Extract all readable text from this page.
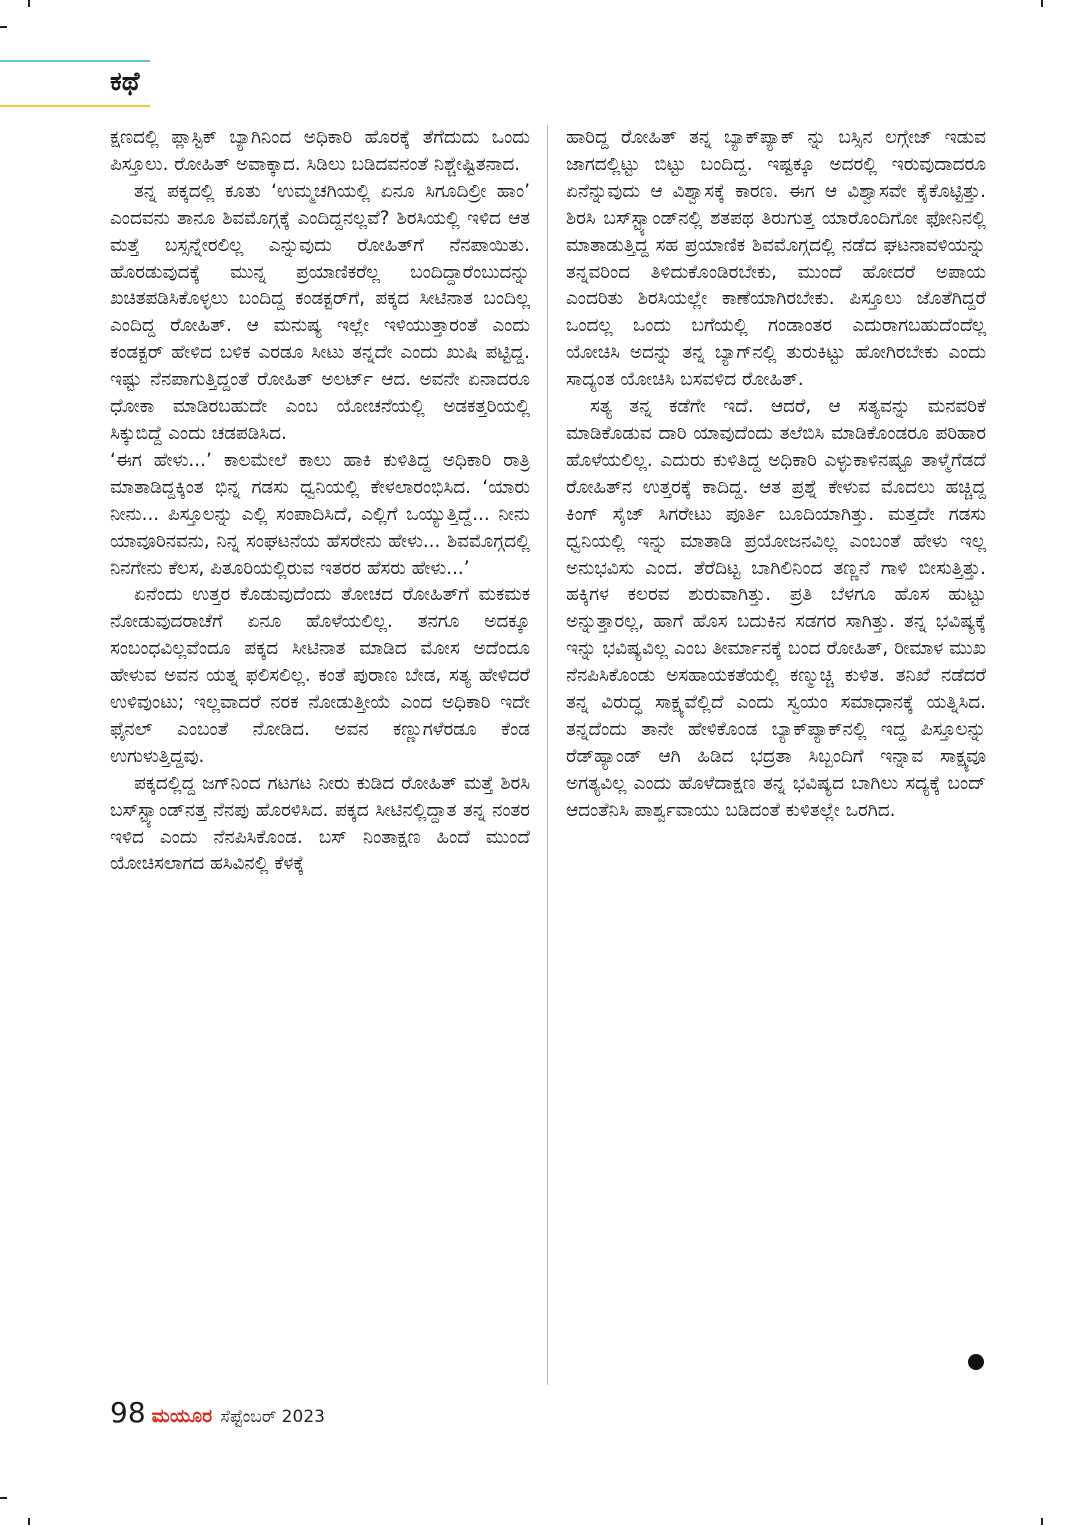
ಕಥೆ

ಕ್ಷಣದಲ್ಲಿ ಪ್ಲಾಸ್ಟಿಕ್ ಬ್ಯಾಗಿನಿಂದ ಅಧಿಕಾರಿ ಹೊರಕ್ಕೆ ತೆಗೆದುದು ಒಂದು ಪಿಸ್ತೂಲು. ರೋಹಿತ್ ಅವಾಕ್ಕಾದ. ಸಿಡಿಲು ಬಡಿದವನಂತೆ ನಿಶ್ಚೇಷ್ಟಿತನಾದ.

ತನ್ನ ಪಕ್ಕದಲ್ಲಿ ಕೂತು ‘ಉಮ್ಮಚಗಿಯಲ್ಲಿ ಏನೂ ಸಿಗೂದಿಲ್ರೀ ಹಾಂ’ ಎಂದವನು ತಾನೂ ಶಿವಮೊಗ್ಗಕ್ಕೆ ಎಂದಿದ್ದನಲ್ಲವೆ? ಶಿರಸಿಯಲ್ಲಿ ಇಳಿದ ಆತ ಮತ್ತೆ ಬಸ್ಸನ್ನೇರಲಿಲ್ಲ ಎನ್ನುವುದು ರೋಹಿತ್‌ಗೆ ನೆನಪಾಯಿತು. ಹೊರಡುವುದಕ್ಕೆ ಮುನ್ನ ಪ್ರಯಾಣಿಕರೆಲ್ಲ ಬಂದಿದ್ದಾರೆಂಬುದನ್ನು ಖಚಿತಪಡಿಸಿಕೊಳ್ಳಲು ಬಂದಿದ್ದ ಕಂಡಕ್ಟರ್‌ಗೆ, ಪಕ್ಕದ ಸೀಟಿನಾತ ಬಂದಿಲ್ಲ ಎಂದಿದ್ದ ರೋಹಿತ್. ಆ ಮನುಷ್ಯ ಇಲ್ಲೇ ಇಳಿಯುತ್ತಾರಂತೆ ಎಂದು ಕಂಡಕ್ಟರ್ ಹೇಳಿದ ಬಳಿಕ ಎರಡೂ ಸೀಟು ತನ್ನದೇ ಎಂದು ಖುಷಿ ಪಟ್ಟಿದ್ದ. ಇಷ್ಟು ನೆನಪಾಗುತ್ತಿದ್ದಂತೆ ರೋಹಿತ್ ಅಲರ್ಟ್ ಆದ. ಅವನೇ ಏನಾದರೂ ಧೋಕಾ ಮಾಡಿರಬಹುದೇ ಎಂಬ ಯೋಚನೆಯಲ್ಲಿ ಅಡಕತ್ತರಿಯಲ್ಲಿ ಸಿಕ್ಕುಬಿದ್ದೆ ಎಂದು ಚಡಪಡಿಸಿದ.

‘ಈಗ ಹೇಳು...’ ಕಾಲಮೇಲೆ ಕಾಲು ಹಾಕಿ ಕುಳಿತಿದ್ದ ಅಧಿಕಾರಿ ರಾತ್ರಿ ಮಾತಾಡಿದ್ದಕ್ಕಿಂತ ಭಿನ್ನ ಗಡಸು ಧ್ವನಿಯಲ್ಲಿ ಕೇಳಲಾರಂಭಿಸಿದ. ‘ಯಾರು ನೀನು... ಪಿಸ್ತೂಲನ್ನು ಎಲ್ಲಿ ಸಂಪಾದಿಸಿದೆ, ಎಲ್ಲಿಗೆ ಒಯ್ಯುತ್ತಿದ್ದೆ... ನೀನು ಯಾವೂರಿನವನು, ನಿನ್ನ ಸಂಘಟನೆಯ ಹೆಸರೇನು ಹೇಳು... ಶಿವಮೊಗ್ಗದಲ್ಲಿ ನಿನಗೇನು ಕೆಲಸ, ಪಿತೂರಿಯಲ್ಲಿರುವ ಇತರರ ಹೆಸರು ಹೇಳು...’

ಏನೆಂದು ಉತ್ತರ ಕೊಡುವುದೆಂದು ತೋಚದ ರೋಹಿತ್‌ಗೆ ಮಕಮಕ ನೋಡುವುದರಾಚೆಗೆ ಏನೂ ಹೊಳೆಯಲಿಲ್ಲ. ತನಗೂ ಅದಕ್ಕೂ ಸಂಬಂಧವಿಲ್ಲವೆಂದೂ ಪಕ್ಕದ ಸೀಟಿನಾತ ಮಾಡಿದ ಮೋಸ ಅದೆಂದೂ ಹೇಳುವ ಅವನ ಯತ್ನ ಫಲಿಸಲಿಲ್ಲ. ಕಂತೆ ಪುರಾಣ ಬೇಡ, ಸತ್ಯ ಹೇಳಿದರೆ ಉಳಿವುಂಟು; ಇಲ್ಲವಾದರೆ ನರಕ ನೋಡುತ್ತೀಯೆ ಎಂದ ಅಧಿಕಾರಿ ಇದೇ ಫೈನಲ್ ಎಂಬಂತೆ ನೋಡಿದ. ಅವನ ಕಣ್ಣುಗಳೆರಡೂ ಕೆಂಡ ಉಗುಳುತ್ತಿದ್ದವು.

ಪಕ್ಕದಲ್ಲಿದ್ದ ಜಗ್‌ನಿಂದ ಗಟಗಟ ನೀರು ಕುಡಿದ ರೋಹಿತ್ ಮತ್ತೆ ಶಿರಸಿ ಬಸ್‌ಸ್ಟ್ಯಾಂಡ್‌ನತ್ತ ನೆನಪು ಹೊರಳಿಸಿದ. ಪಕ್ಕದ ಸೀಟಿನಲ್ಲಿದ್ದಾತ ತನ್ನ ನಂತರ ಇಳಿದ ಎಂದು ನೆನಪಿಸಿಕೊಂಡ. ಬಸ್ ನಿಂತಾಕ್ಷಣ ಹಿಂದೆ ಮುಂದೆ ಯೋಚಿಸಲಾಗದ ಹಸಿವಿನಲ್ಲಿ ಕೆಳಕ್ಕೆ

ಹಾರಿದ್ದ ರೋಹಿತ್ ತನ್ನ ಬ್ಯಾಕ್‌ಪ್ಯಾಕ್ ನ್ನು ಬಸ್ಸಿನ ಲಗ್ಗೇಜ್ ಇಡುವ ಜಾಗದಲ್ಲಿಟ್ಟು ಬಿಟ್ಟು ಬಂದಿದ್ದ. ಇಷ್ಟಕ್ಕೂ ಅದರಲ್ಲಿ ಇರುವುದಾದರೂ ಏನೆನ್ನುವುದು ಆ ವಿಶ್ವಾಸಕ್ಕೆ ಕಾರಣ. ಈಗ ಆ ವಿಶ್ವಾಸವೇ ಕೈಕೊಟ್ಟಿತ್ತು. ಶಿರಸಿ ಬಸ್‌ಸ್ಟ್ಯಾಂಡ್‌ನಲ್ಲಿ ಶತಪಥ ತಿರುಗುತ್ತ ಯಾರೊಂದಿಗೋ ಫೋನಿನಲ್ಲಿ ಮಾತಾಡುತ್ತಿದ್ದ ಸಹ ಪ್ರಯಾಣಿಕ ಶಿವಮೊಗ್ಗದಲ್ಲಿ ನಡೆದ ಘಟನಾವಳಿಯನ್ನು ತನ್ನವರಿಂದ ತಿಳಿದುಕೊಂಡಿರಬೇಕು, ಮುಂದೆ ಹೋದರೆ ಅಪಾಯ ಎಂದರಿತು ಶಿರಸಿಯಲ್ಲೇ ಕಾಣೆಯಾಗಿರಬೇಕು. ಪಿಸ್ತೂಲು ಜೊತೆಗಿದ್ದರೆ ಒಂದಲ್ಲ ಒಂದು ಬಗೆಯಲ್ಲಿ ಗಂಡಾಂತರ ಎದುರಾಗಬಹುದೆಂದೆಲ್ಲ ಯೋಚಿಸಿ ಅದನ್ನು ತನ್ನ ಬ್ಯಾಗ್‌ನಲ್ಲಿ ತುರುಕಿಟ್ಟು ಹೋಗಿರಬೇಕು ಎಂದು ಸಾದ್ಯಂತ ಯೋಚಿಸಿ ಬಸವಳಿದ ರೋಹಿತ್.

ಸತ್ಯ ತನ್ನ ಕಡೆಗೇ ಇದೆ. ಆದರೆ, ಆ ಸತ್ಯವನ್ನು ಮನವರಿಕೆ ಮಾಡಿಕೊಡುವ ದಾರಿ ಯಾವುದೆಂದು ತಲೆಬಿಸಿ ಮಾಡಿಕೊಂಡರೂ ಪರಿಹಾರ ಹೊಳೆಯಲಿಲ್ಲ. ಎದುರು ಕುಳಿತಿದ್ದ ಅಧಿಕಾರಿ ಎಳ್ಳುಕಾಳಿನಷ್ಟೂ ತಾಳ್ಮೆಗೆಡದೆ ರೋಹಿತ್‌ನ ಉತ್ತರಕ್ಕೆ ಕಾದಿದ್ದ. ಆತ ಪ್ರಶ್ನೆ ಕೇಳುವ ಮೊದಲು ಹಚ್ಚಿದ್ದ ಕಿಂಗ್ ಸೈಜ್ ಸಿಗರೇಟು ಪೂರ್ತಿ ಬೂದಿಯಾಗಿತ್ತು. ಮತ್ತದೇ ಗಡಸು ಧ್ವನಿಯಲ್ಲಿ ಇನ್ನು ಮಾತಾಡಿ ಪ್ರಯೋಜನವಿಲ್ಲ ಎಂಬಂತೆ ಹೇಳು ಇಲ್ಲ ಅನುಭವಿಸು ಎಂದ. ತೆರೆದಿಟ್ಟ ಬಾಗಿಲಿನಿಂದ ತಣ್ಣನೆ ಗಾಳಿ ಬೀಸುತ್ತಿತ್ತು. ಹಕ್ಕಿಗಳ ಕಲರವ ಶುರುವಾಗಿತ್ತು. ಪ್ರತಿ ಬೆಳಗೂ ಹೊಸ ಹುಟ್ಟು ಅನ್ನುತ್ತಾರಲ್ಲ, ಹಾಗೆ ಹೊಸ ಬದುಕಿನ ಸಡಗರ ಸಾಗಿತ್ತು. ತನ್ನ ಭವಿಷ್ಯಕ್ಕೆ ಇನ್ನು ಭವಿಷ್ಯವಿಲ್ಲ ಎಂಬ ತೀರ್ಮಾನಕ್ಕೆ ಬಂದ ರೋಹಿತ್, ರೀಮಾಳ ಮುಖ ನೆನಪಿಸಿಕೊಂಡು ಅಸಹಾಯಕತೆಯಲ್ಲಿ ಕಣ್ಮುಚ್ಚಿ ಕುಳಿತ. ತನಿಖೆ ನಡೆದರೆ ತನ್ನ ವಿರುದ್ಧ ಸಾಕ್ಷ್ಯವೆಲ್ಲಿದೆ ಎಂದು ಸ್ವಯಂ ಸಮಾಧಾನಕ್ಕೆ ಯತ್ನಿಸಿದ. ತನ್ನದೆಂದು ತಾನೇ ಹೇಳಿಕೊಂಡ ಬ್ಯಾಕ್‌ಪ್ಯಾಕ್‌ನಲ್ಲಿ ಇದ್ದ ಪಿಸ್ತೂಲನ್ನು ರೆಡ್‌ಹ್ಯಾಂಡ್ ಆಗಿ ಹಿಡಿದ ಭದ್ರತಾ ಸಿಬ್ಬಂದಿಗೆ ಇನ್ನಾವ ಸಾಕ್ಷ್ಯವೂ ಅಗತ್ಯವಿಲ್ಲ ಎಂದು ಹೊಳೆದಾಕ್ಷಣ ತನ್ನ ಭವಿಷ್ಯದ ಬಾಗಿಲು ಸದ್ಯಕ್ಕೆ ಬಂದ್ ಆದಂತೆನಿಸಿ ಪಾರ್ಶ್ವವಾಯು ಬಡಿದಂತೆ ಕುಳಿತಲ್ಲೇ ಒರಗಿದ.

98 ಮಯೂರ ಸೆಪ್ಟೆಂಬರ್ 2023
